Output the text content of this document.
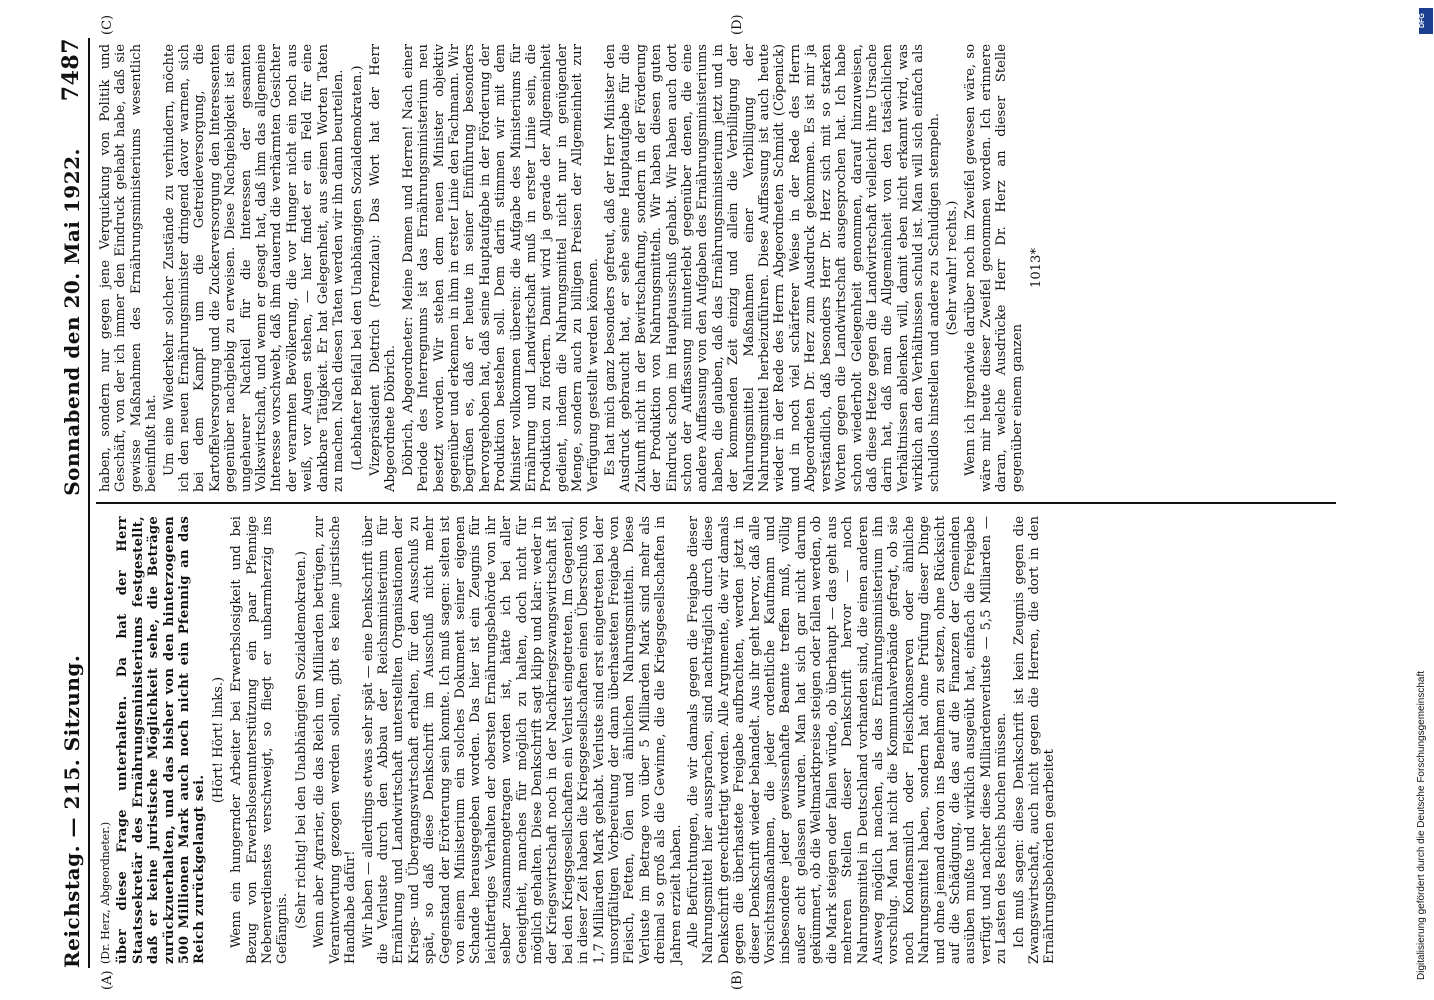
Reichstag. — 215. Sitzung.
Sonnabend den 20. Mai 1922.
7487
(A)	(B)
(C)	(D)

(Dr. Herz, Abgeordneter.) über diese Frage unterhalten. Da hat der Herr Staatssekretär des Ernährungsministeriums festgestellt, daß er keine juristische Möglichkeit sehe, die Beträge zurückzuerhalten, und das bisher von den hinterzogenen 500 Millionen Mark auch noch nicht ein Pfennig an das Reich zurückgelangt sei.

(Hört! Hört! links.) Wenn ein hungernder Arbeiter bei Erwerbslosigkeit und bei Bezug von Erwerbslosenunterstützung ein paar Pfennige Nebenverdienstes verschweigt, so fliegt er unbarmherzig ins Gefängnis. (Sehr richtig! bei den Unabhängigen Sozialdemokraten.) Wenn aber Agrarier, die das Reich um Milliarden betrügen, zur Verantwortung gezogen werden sollen, gibt es keine juristische Handhabe dafür! Wir haben — allerdings etwas sehr spät — eine Denkschrift über die Verluste durch den Abbau der Reichsministerium für Ernährung und Landwirtschaft unterstellten Organisationen der Kriegs- und Übergangswirtschaft erhalten, für den Ausschuß zu spät, so daß diese Denkschrift im Ausschuß nicht mehr Gegenstand der Erörterung sein konnte. Ich muß sagen: selten ist von einem Ministerium ein solches Dokument seiner eigenen Schande herausgegeben worden. Das hier ist ein Zeugnis für leichtfertiges Verhalten der obersten Ernährungsbehörde von ihr selber zusammengetragen worden ist, hätte ich bei aller Geneigtheit, manches für möglich zu halten, doch nicht für möglich gehalten. Diese Denkschrift sagt klipp und klar: weder in der Kriegswirtschaft noch in der Nachkriegszwangswirtschaft ist bei den Kriegsgesellschaften ein Verlust eingetreten. Im Gegenteil, in dieser Zeit haben die Kriegsgesellschaften einen Überschuß von 1,7 Milliarden Mark gehabt. Verluste sind erst eingetreten bei der unsorgfältigen Vorbereitung der dann überhasteten Freigabe von Fleisch, Fetten, Ölen und ähnlichen Nahrungsmitteln. Diese Verluste im Betrage von über 5 Milliarden Mark sind mehr als dreimal so groß als die Gewinne, die die Kriegsgesellschaften in Jahren erzielt haben. Alle Befürchtungen, die wir damals gegen die Freigabe dieser Nahrungsmittel hier aussprachen, sind nachträglich durch diese Denkschrift gerechtfertigt worden. Alle Argumente, die wir damals gegen die überhastete Freigabe aufbrachten, werden jetzt in dieser Denkschrift wieder behandelt. Aus ihr geht hervor, daß alle Vorsichtsmaßnahmen, die jeder ordentliche Kaufmann und insbesondere jeder gewissenhafte Beamte treffen muß, völlig außer acht gelassen wurden. Man hat sich gar nicht darum gekümmert, ob die Weltmarktpreise steigen oder fallen werden, ob die Mark steigen oder fallen würde, ob überhaupt — das geht aus mehreren Stellen dieser Denkschrift hervor — noch Nahrungsmittel in Deutschland vorhanden sind, die einen anderen Ausweg möglich machen, als das Ernährungsministerium ihn vorschlug. Man hat nicht die Kommunalverbände gefragt, ob sie noch Kondensmilch oder Fleischkonserven oder ähnliche Nahrungsmittel haben, sondern hat ohne Prüfung dieser Dinge und ohne jemand davon ins Benehmen zu setzen, ohne Rücksicht auf die Schädigung, die das auf die Finanzen der Gemeinden ausüben mußte und wirklich ausgeübt hat, einfach die Freigabe verfügt und nachher diese Milliardenverluste — 5,5 Milliarden — zu Lasten des Reichs buchen müssen. Ich muß sagen: diese Denkschrift ist kein Zeugnis gegen die Zwangswirtschaft, auch nicht gegen die Herren, die dort in den Ernährungsbehörden gearbeitet

haben, sondern nur gegen jene Verquickung von Politik und Geschäft, von der ich immer den Eindruck gehabt habe, daß sie gewisse Maßnahmen des Ernährungsministeriums wesentlich beeinflußt hat. Um eine Wiederkehr solcher Zustände zu verhindern, möchte ich den neuen Ernährungsminister dringend davor warnen, sich bei dem Kampf um die Getreideversorgung, die Kartoffelversorgung und die Zuckerversorgung den Interessenten gegenüber nachgiebig zu erweisen. Diese Nachgiebigkeit ist ein ungeheurer Nachteil für die Interessen der gesamten Volkswirtschaft, und wenn er gesagt hat, daß ihm das allgemeine Interesse vorschwebt, daß ihm dauernd die verhärmten Gesichter der verarmten Bevölkerung, die vor Hunger nicht ein noch aus weiß, vor Augen stehen, — hier findet er ein Feld für eine dankbare Tätigkeit. Er hat Gelegenheit, aus seinen Worten Taten zu machen. Nach diesen Taten werden wir ihn dann beurteilen. (Lebhafter Beifall bei den Unabhängigen Sozialdemokraten.) Vizepräsident Dietrich (Prenzlau): Das Wort hat der Herr Abgeordnete Döbrich. Döbrich, Abgeordneter: Meine Damen und Herren! Nach einer Periode des Interregnums ist das Ernährungsministerium neu besetzt worden. Wir stehen dem neuen Minister objektiv gegenüber und erkennen in ihm in erster Linie den Fachmann. Wir begrüßen es, daß er heute in seiner Einführung besonders hervorgehoben hat, daß seine Hauptaufgabe in der Förderung der Produktion bestehen soll. Dem darin stimmen wir mit dem Minister vollkommen überein: die Aufgabe des Ministeriums für Ernährung und Landwirtschaft muß in erster Linie sein, die Produktion zu fördern. Damit wird ja gerade der Allgemeinheit gedient, indem die Nahrungsmittel nicht nur in genügender Menge, sondern auch zu billigen Preisen der Allgemeinheit zur Verfügung gestellt werden können. Es hat mich ganz besonders gefreut, daß der Herr Minister den Ausdruck gebraucht hat, er sehe seine Hauptaufgabe für die Zukunft nicht in der Bewirtschaftung, sondern in der Förderung der Produktion von Nahrungsmitteln. Wir haben diesen guten Eindruck schon im Hauptausschuß gehabt. Wir haben auch dort schon der Auffassung mitunterlebt gegenüber denen, die eine andere Auffassung von den Aufgaben des Ernährungsministeriums haben, die glauben, daß das Ernährungsministerium jetzt und in der kommenden Zeit einzig und allein die Verbilligung der Nahrungsmittel Maßnahmen einer Verbilligung der Nahrungsmittel herbeizuführen. Diese Auffassung ist auch heute wieder in der Rede des Herrn Abgeordneten Schmidt (Cöpenick) und in noch viel schärferer Weise in der Rede des Herrn Abgeordneten Dr. Herz zum Ausdruck gekommen. Es ist mir ja verständlich, daß besonders Herr Dr. Herz sich mit so starken Worten gegen die Landwirtschaft ausgesprochen hat. Ich habe schon wiederholt Gelegenheit genommen, darauf hinzuweisen, daß diese Hetze gegen die Landwirtschaft vielleicht ihre Ursache darin hat, daß man die Allgemeinheit von den tatsächlichen Verhältnissen ablenken will, damit eben nicht erkannt wird, was wirklich an den Verhältnissen schuld ist. Man will sich einfach als schuldlos hinstellen und andere zu Schuldigen stempeln. (Sehr wahr! rechts.) Wenn ich irgendwie darüber noch im Zweifel gewesen wäre, so wäre mir heute dieser Zweifel genommen worden. Ich erinnere daran, welche Ausdrücke Herr Dr. Herz an dieser Stelle gegenüber einem ganzen

1013*

DFG
Digitalisierung gefördert durch die Deutsche Forschungsgemeinschaft
